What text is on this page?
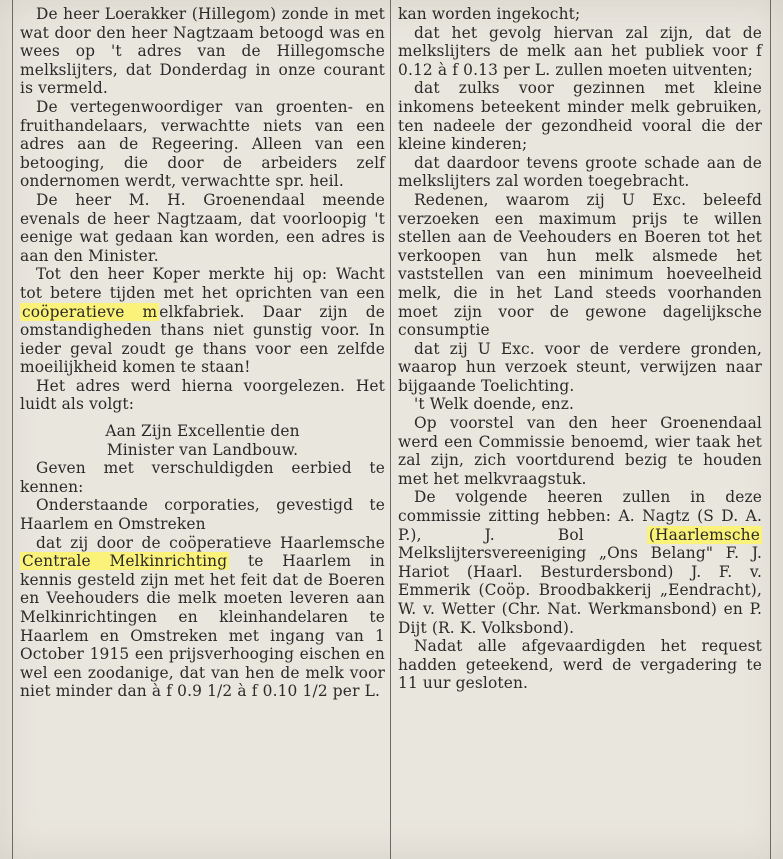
De heer Loerakker (Hillegom) zonde in met wat door den heer Nagtzaam betoogd was en wees op 't adres van de Hillegomsche melkslijters, dat Donderdag in onze courant is vermeld.

De vertegenwoordiger van groenten- en fruithandelaars, verwachtte niets van een adres aan de Regeering. Alleen van een betooging, die door de arbeiders zelf ondernomen werdt, verwachtte spr. heil.

De heer M. H. Groenendaal meende evenals de heer Nagtzaam, dat voorloopig 't eenige wat gedaan kan worden, een adres is aan den Minister.

Tot den heer Koper merkte hij op: Wacht tot betere tijden met het oprichten van een coöperatieve m elkfabriek. Daar zijn de omstandigheden thans niet gunstig voor. In ieder geval zoudt ge thans voor een zelfde moeilijkheid komen te staan!

Het adres werd hierna voorgelezen. Het luidt als volgt:

Aan Zijn Excellentie den

Minister van Landbouw.

Geven met verschuldigden eerbied te kennen:

Onderstaande corporaties, gevestigd te Haarlem en Omstreken

dat zij door de coöperatieve Haarlemsche Centrale Melkinrichting te Haarlem in kennis gesteld zijn met het feit dat de Boeren en Veehouders die melk moeten leveren aan Melkinrichtingen en kleinhandelaren te Haarlem en Omstreken met ingang van 1 October 1915 een prijsverhooging eischen en wel een zoodanige, dat van hen de melk voor niet minder dan à f 0.9 1/2 à f 0.10 1/2 per L.

kan worden ingekocht;

dat het gevolg hiervan zal zijn, dat de melkslijters de melk aan het publiek voor f 0.12 à f 0.13 per L. zullen moeten uitventen;

dat zulks voor gezinnen met kleine inkomens beteekent minder melk gebruiken, ten nadeele der gezondheid vooral die der kleine kinderen;

dat daardoor tevens groote schade aan de melkslijters zal worden toegebracht.

Redenen, waarom zij U Exc. beleefd verzoeken een maximum prijs te willen stellen aan de Veehouders en Boeren tot het verkoopen van hun melk alsmede het vaststellen van een minimum hoeveelheid melk, die in het Land steeds voorhanden moet zijn voor de gewone dagelijksche consumptie

dat zij U Exc. voor de verdere gronden, waarop hun verzoek steunt, verwijzen naar bijgaande Toelichting.

't Welk doende, enz.

Op voorstel van den heer Groenendaal werd een Commissie benoemd, wier taak het zal zijn, zich voortdurend bezig te houden met het melkvraagstuk.

De volgende heeren zullen in deze commissie zitting hebben: A. Nagtz (S D. A. P.), J. Bol (Haarlemsche Melkslijtersvereeniging „Ons Belang" F. J. Hariot (Haarl. Besturdersbond) J. F. v. Emmerik (Coöp. Broodbakkerij „Eendracht), W. v. Wetter (Chr. Nat. Werkmansbond) en P. Dijt (R. K. Volksbond).

Nadat alle afgevaardigden het request hadden geteekend, werd de vergadering te 11 uur gesloten.
